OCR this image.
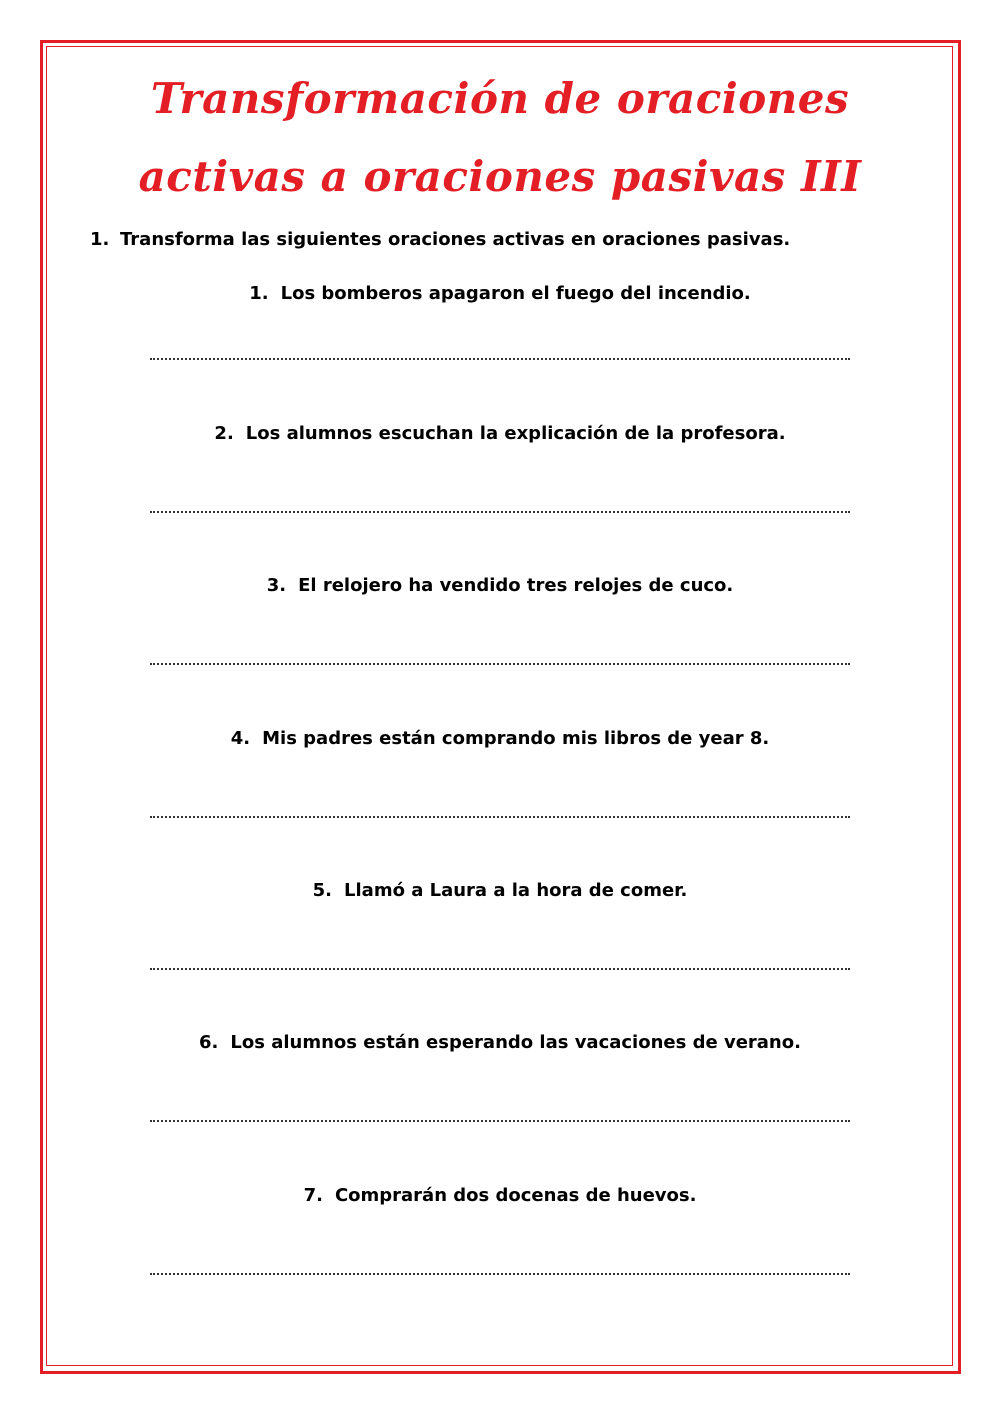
Transformación de oraciones activas a oraciones pasivas III
1. Transforma las siguientes oraciones activas en oraciones pasivas.
1. Los bomberos apagaron el fuego del incendio.
2. Los alumnos escuchan la explicación de la profesora.
3. El relojero ha vendido tres relojes de cuco.
4. Mis padres están comprando mis libros de year 8.
5. Llamó a Laura a la hora de comer.
6. Los alumnos están esperando las vacaciones de verano.
7. Comprarán dos docenas de huevos.
